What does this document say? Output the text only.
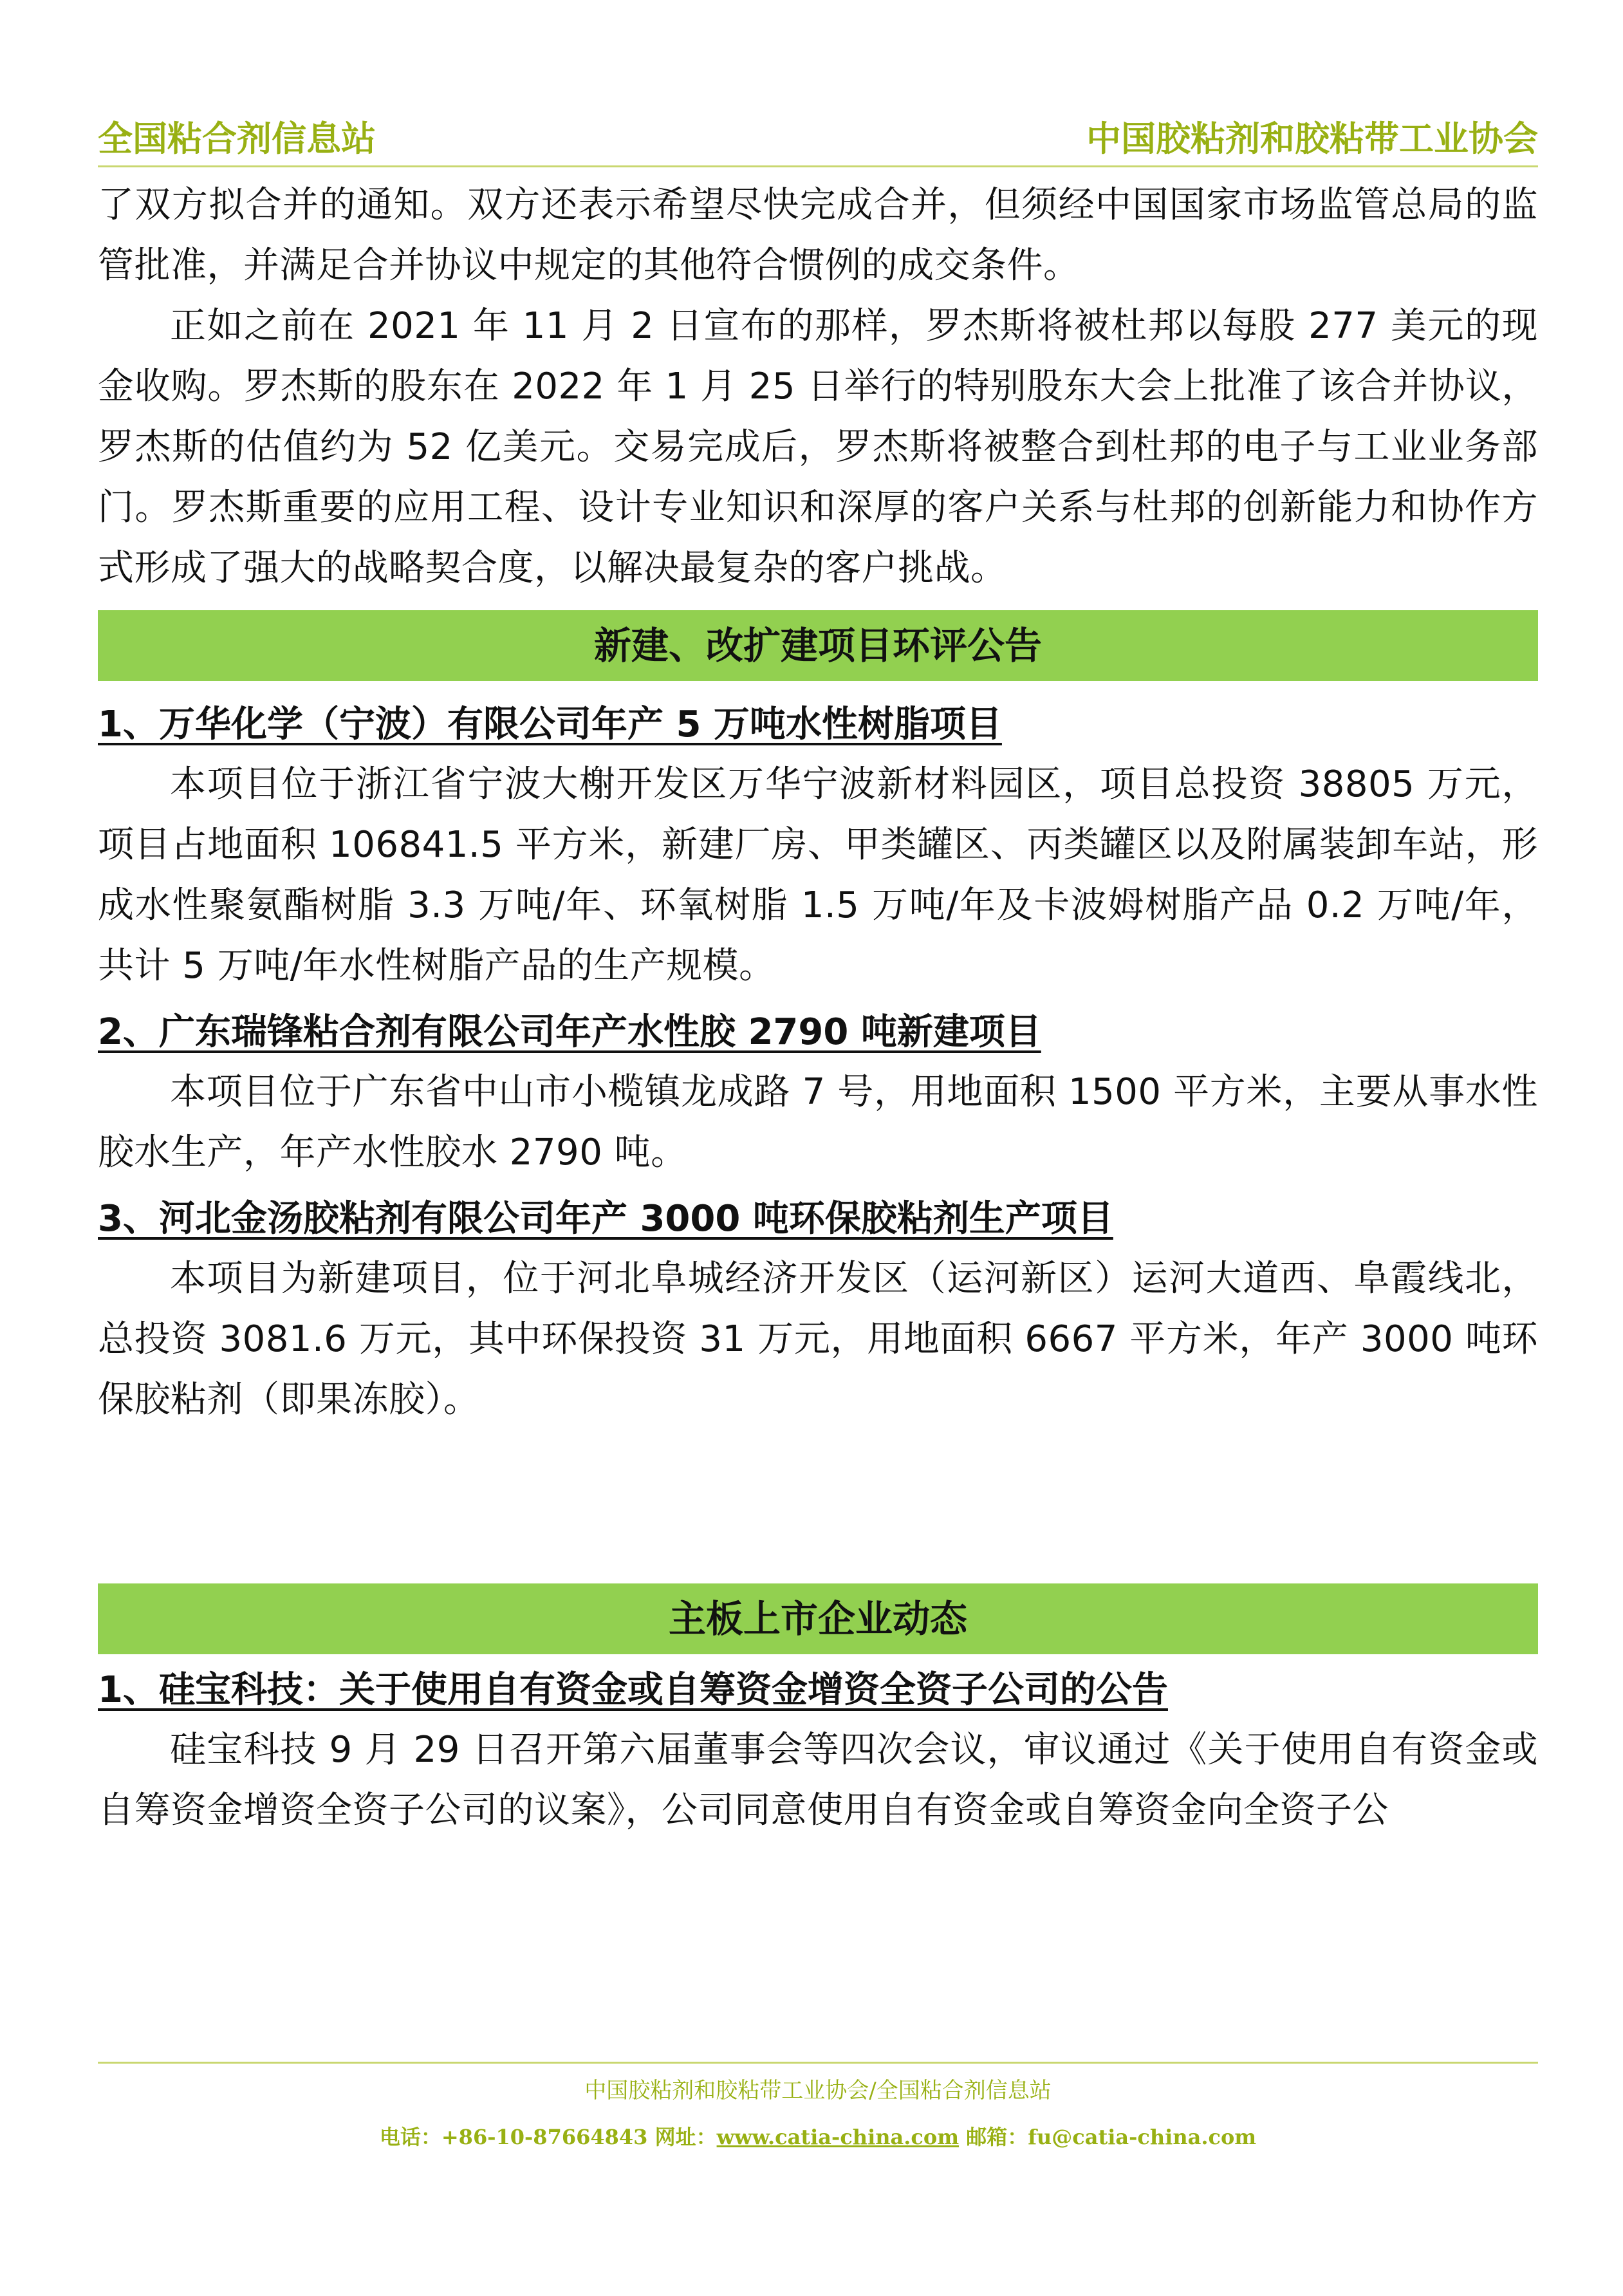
全国粘合剂信息站	中国胶粘剂和胶粘带工业协会

了双方拟合并的通知。双方还表示希望尽快完成合并，但须经中国国家市场监管总局的监管批准，并满足合并协议中规定的其他符合惯例的成交条件。

正如之前在 2021 年 11 月 2 日宣布的那样，罗杰斯将被杜邦以每股 277 美元的现金收购。罗杰斯的股东在 2022 年 1 月 25 日举行的特别股东大会上批准了该合并协议，罗杰斯的估值约为 52 亿美元。交易完成后，罗杰斯将被整合到杜邦的电子与工业业务部门。罗杰斯重要的应用工程、设计专业知识和深厚的客户关系与杜邦的创新能力和协作方式形成了强大的战略契合度，以解决最复杂的客户挑战。

新建、改扩建项目环评公告

1、万华化学（宁波）有限公司年产 5 万吨水性树脂项目

本项目位于浙江省宁波大榭开发区万华宁波新材料园区，项目总投资 38805 万元，项目占地面积 106841.5 平方米，新建厂房、甲类罐区、丙类罐区以及附属装卸车站，形成水性聚氨酯树脂 3.3 万吨/年、环氧树脂 1.5 万吨/年及卡波姆树脂产品 0.2 万吨/年，共计 5 万吨/年水性树脂产品的生产规模。

2、广东瑞锋粘合剂有限公司年产水性胶 2790 吨新建项目

本项目位于广东省中山市小榄镇龙成路 7 号，用地面积 1500 平方米，主要从事水性胶水生产，年产水性胶水 2790 吨。

3、河北金汤胶粘剂有限公司年产 3000 吨环保胶粘剂生产项目

本项目为新建项目，位于河北阜城经济开发区（运河新区）运河大道西、阜霞线北，总投资 3081.6 万元，其中环保投资 31 万元，用地面积 6667 平方米，年产 3000 吨环保胶粘剂（即果冻胶）。

主板上市企业动态

1、硅宝科技：关于使用自有资金或自筹资金增资全资子公司的公告

硅宝科技 9 月 29 日召开第六届董事会等四次会议，审议通过《关于使用自有资金或自筹资金增资全资子公司的议案》，公司同意使用自有资金或自筹资金向全资子公

中国胶粘剂和胶粘带工业协会/全国粘合剂信息站
电话：+86-10-87664843 网址：www.catia-china.com 邮箱：fu@catia-china.com
